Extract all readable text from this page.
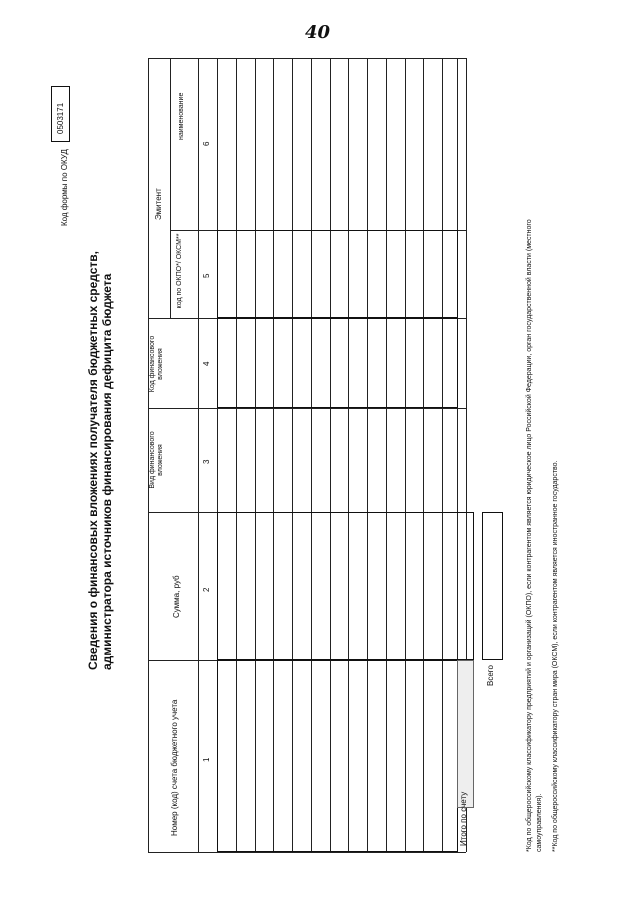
40
Код формы по ОКУД
0503171
Сведения о финансовых вложениях получателя бюджетных средств, администратора источников финансирования дефицита бюджета
Номер (код) счета бюджетного учета
Сумма, руб
Вид финансового вложения
Код финансового вложения
Эмитент
код по ОКПО*/ ОКСМ**
наименование
1
2
3
4
5
6
Итого по счету
Всего	*Код по общероссийскому классификатору предприятий и организаций (ОКПО), если контрагентом является юридическое лицо Российской Федерации, орган государственной власти (местного самоуправления). **Код по общероссийскому классификатору стран мира (ОКСМ), если контрагентом является иностранное государство.
